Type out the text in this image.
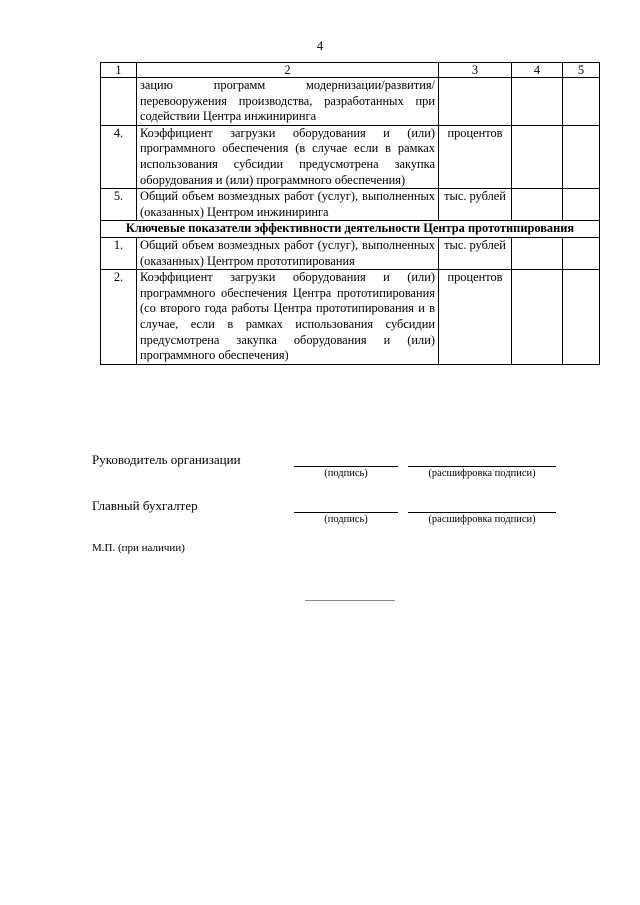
4
1	2	3	4	5
	зацию программ модернизации/развития/перевооружения производства, разработанных при содействии Центра инжиниринга			
4.	Коэффициент загрузки оборудования и (или) программного обеспечения (в случае если в рамках использования субсидии предусмотрена закупка оборудования и (или) программного обеспечения)	процентов		
5.	Общий объем возмездных работ (услуг), выполненных (оказанных) Центром инжиниринга	тыс. рублей		
Ключевые показатели эффективности деятельности Центра прототипирования				
1.	Общий объем возмездных работ (услуг), выполненных (оказанных) Центром прототипирования	тыс. рублей		
2.	Коэффициент загрузки оборудования и (или) программного обеспечения Центра прототипирования (со второго года работы Центра прототипирования и в случае, если в рамках использования субсидии предусмотрена закупка оборудования и (или) программного обеспечения)	процентов		
Руководитель организации
(подпись)	(расшифровка подписи)
Главный бухгалтер
(подпись)	(расшифровка подписи)
М.П. (при наличии)
